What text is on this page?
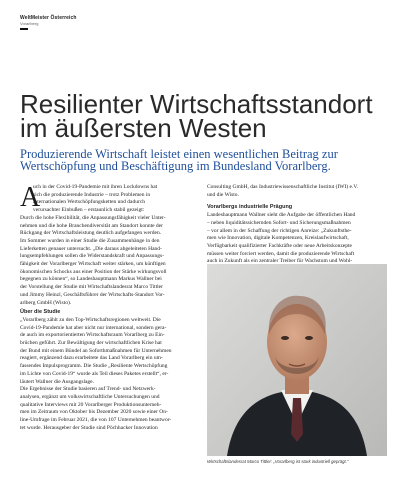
WeltMeister Österreich
Vorarlberg
Resilienter Wirtschaftsstandort
im äußersten Westen
Produzierende Wirtschaft leistet einen wesentlichen Beitrag zur
Wertschöpfung und Beschäftigung im Bundesland Vorarlberg.
A

uch in der Covid-19-Pandemie mit ihren Lockdowns hat
sich die produzierende Industrie – trotz Problemen in
internationalen Wertschöpfungsketten und dadurch
verursachter Einbußen – erstaunlich stabil gezeigt:
Durch die hohe Flexibilität, die Anpassungsfähigkeit vieler Unter-
nehmen und die hohe Branchendiversität am Standort konnte der
Rückgang der Wirtschaftsleistung deutlich aufgefangen werden.
Im Sommer wurden in einer Studie die Zusammenhänge in den
Lieferketten genauer untersucht. „Die daraus abgeleiteten Hand-
lungsempfehlungen sollen die Widerstandskraft und Anpassungs-
fähigkeit der Vorarlberger Wirtschaft weiter stärken, um künftigen
ökonomischen Schocks aus einer Position der Stärke wirkungsvoll
begegnen zu können“, so Landeshauptmann Markus Wallner bei
der Vorstellung der Studie mit Wirtschaftslandesrat Marco Tittler
und Jimmy Heinzl, Geschäftsführer der Wirtschafts-Standort Vor-
arlberg GmbH (Wisto).

Über die Studie

„Vorarlberg zählt zu den Top-Wirtschaftsregionen weltweit. Die
Covid-19-Pandemie hat aber nicht nur international, sondern gera-
de auch im exportorientierten Wirtschaftsraum Vorarlberg zu Ein-
brüchen geführt. Zur Bewältigung der wirtschaftlichen Krise hat
der Bund mit einem Bündel an Soforthmaßnahmen für Unternehmen
reagiert, ergänzend dazu erarbeitete das Land Vorarlberg ein um-
fassendes Impulsprogramm. Die Studie „Resiliente Wertschöpfung
im Lichte von Covid-19“ wurde als Teil dieses Paketes erstellt“, er-
läutert Wallner die Ausgangslage.

Die Ergebnisse der Studie basieren auf Trend- und Netzwerk-
analysen, ergänzt um volkswirtschaftliche Untersuchungen und
qualitative Interviews mit 20 Vorarlberger Produktionsunterneh-
men im Zeitraum von Oktober bis Dezember 2020 sowie einer On-
line-Umfrage im Februar 2021, die von 107 Unternehmen beantwor-
tet wurde. Herausgeber der Studie sind Pöchhacker Innovation

Consulting GmbH, das Industriewissenschaftliche Institut (IWI) e.V.
und die Wisto.

Vorarlbergs industrielle Prägung

Landeshauptmann Wallner sieht die Aufgabe der öffentlichen Hand
– neben liquiditätssichernden Sofort- und Sicherungsmaßnahmen
– vor allem in der Schaffung der richtigen Anreize: „Zukunftsthe-
men wie Innovation, digitale Kompetenzen, Kreislaufwirtschaft,
Verfügbarkeit qualifizierter Fachkräfte oder neue Arbeitskonzepte
müssen weiter forciert werden, damit die produzierende Wirtschaft
auch in Zukunft als ein zentraler Treiber für Wachstum und Wohl-

Wirtschaftslandesrat Marco Tittler: „Vorarlberg ist stark industriell geprägt.“
